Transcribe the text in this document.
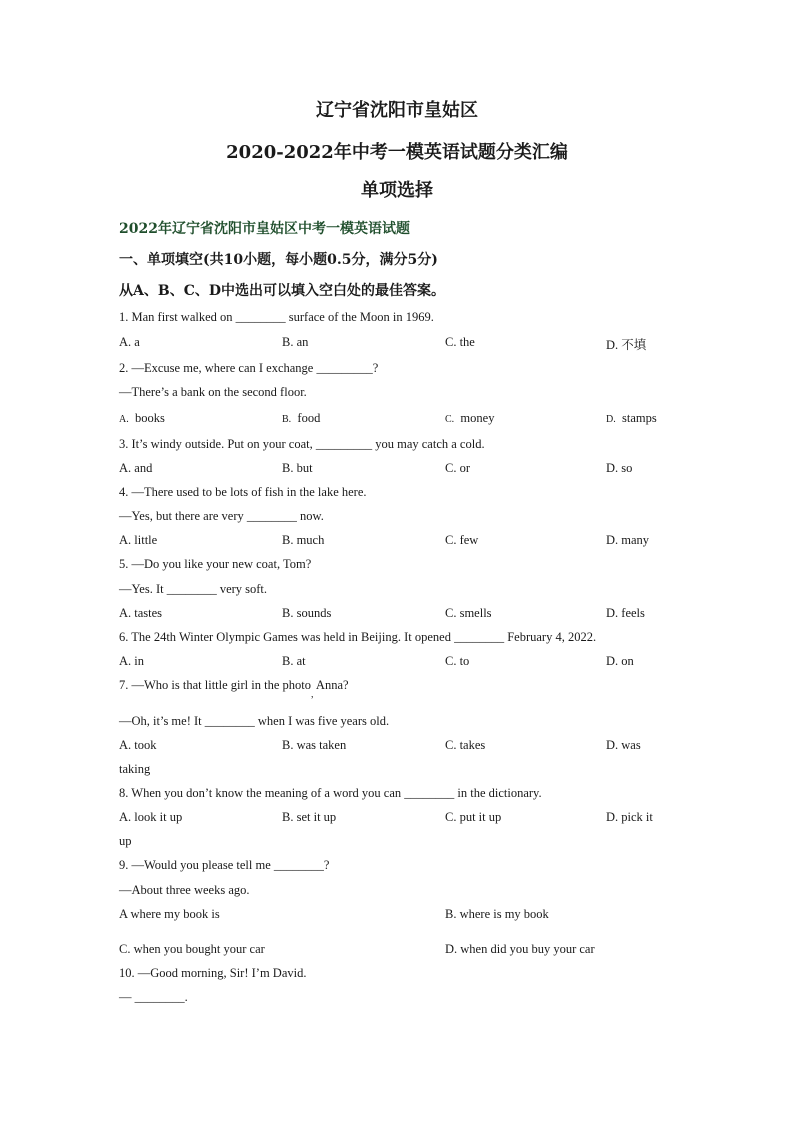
辽宁省沈阳市皇姑区
2020-2022年中考一模英语试题分类汇编
单项选择
2022年辽宁省沈阳市皇姑区中考一模英语试题
一、单项填空(共10小题，每小题0.5分，满分5分)
从A、B、C、D中选出可以填入空白处的最佳答案。
1. Man first walked on ________ surface of the Moon in 1969.
A. a	B. an	C. the	D. 不填
2. —Excuse me, where can I exchange _________?
—There’s a bank on the second floor.
A. books	B. food	C. money	D. stamps
3. It’s windy outside. Put on your coat, _________ you may catch a cold.
A. and	B. but	C. or	D. so
4. —There used to be lots of fish in the lake here.
—Yes, but there are very ________ now.
A. little	B. much	C. few	D. many
5. —Do you like your new coat, Tom?
—Yes. It ________ very soft.
A. tastes	B. sounds	C. smells	D. feels
6. The 24th Winter Olympic Games was held in Beijing. It opened ________ February 4, 2022.
A. in	B. at	C. to	D. on
7. —Who is that little girl in the photo$_,$ Anna?
—Oh, it’s me! It ________ when I was five years old.
A. took	B. was taken	C. takes	D. was
taking
8. When you don’t know the meaning of a word you can ________ in the dictionary.
A. look it up	B. set it up	C. put it up	D. pick it
up
9. —Would you please tell me ________?
—About three weeks ago.
A where my book is	B. where is my book
C. when you bought your car	D. when did you buy your car
10. —Good morning, Sir! I’m David.
— ________.
